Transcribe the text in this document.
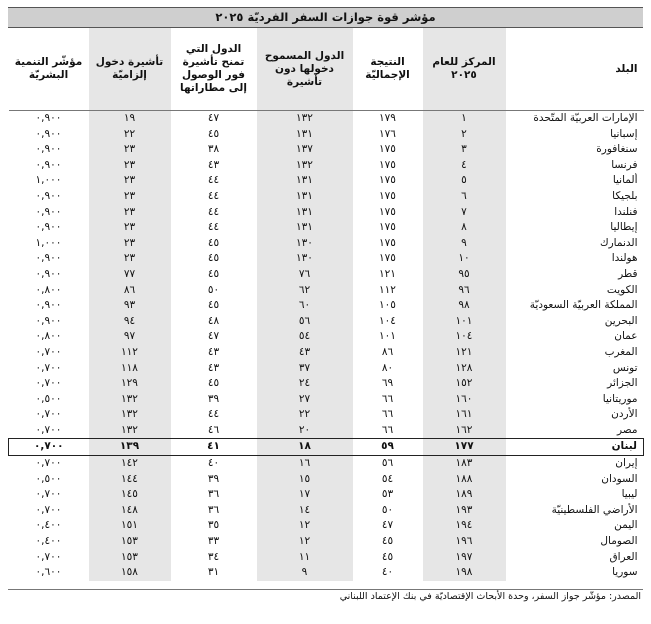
مؤشر قوة جوازات السفر الفرديّة ٢٠٢٥
البلد	المركز للعام ٢٠٢٥	النتيجة الإجماليّة	الدول المسموح دخولها دون تأشيرة	الدول التي تمنح تأشيرة فور الوصول إلى مطاراتها	تأشيرة دخول إلزاميّة	مؤشّر التنمية البشريّة
الإمارات العربيّة المتّحدة	١	١٧٩	١٣٢	٤٧	١٩	٠,٩٠٠
إسبانيا	٢	١٧٦	١٣١	٤٥	٢٢	٠,٩٠٠
سنغافورة	٣	١٧٥	١٣٧	٣٨	٢٣	٠,٩٠٠
فرنسا	٤	١٧٥	١٣٢	٤٣	٢٣	٠,٩٠٠
ألمانيا	٥	١٧٥	١٣١	٤٤	٢٣	١,٠٠٠
بلجيكا	٦	١٧٥	١٣١	٤٤	٢٣	٠,٩٠٠
فنلندا	٧	١٧٥	١٣١	٤٤	٢٣	٠,٩٠٠
إيطاليا	٨	١٧٥	١٣١	٤٤	٢٣	٠,٩٠٠
الدنمارك	٩	١٧٥	١٣٠	٤٥	٢٣	١,٠٠٠
هولندا	١٠	١٧٥	١٣٠	٤٥	٢٣	٠,٩٠٠
قطر	٩٥	١٢١	٧٦	٤٥	٧٧	٠,٩٠٠
الكويت	٩٦	١١٢	٦٢	٥٠	٨٦	٠,٨٠٠
المملكة العربيّة السعوديّة	٩٨	١٠٥	٦٠	٤٥	٩٣	٠,٩٠٠
البحرين	١٠١	١٠٤	٥٦	٤٨	٩٤	٠,٩٠٠
عمان	١٠٤	١٠١	٥٤	٤٧	٩٧	٠,٨٠٠
المغرب	١٢١	٨٦	٤٣	٤٣	١١٢	٠,٧٠٠
تونس	١٢٨	٨٠	٣٧	٤٣	١١٨	٠,٧٠٠
الجزائر	١٥٢	٦٩	٢٤	٤٥	١٢٩	٠,٧٠٠
موريتانيا	١٦٠	٦٦	٢٧	٣٩	١٣٢	٠,٥٠٠
الأردن	١٦١	٦٦	٢٢	٤٤	١٣٢	٠,٧٠٠
مصر	١٦٢	٦٦	٢٠	٤٦	١٣٢	٠,٧٠٠
لبنان	١٧٧	٥٩	١٨	٤١	١٣٩	٠,٧٠٠
إيران	١٨٣	٥٦	١٦	٤٠	١٤٢	٠,٧٠٠
السودان	١٨٨	٥٤	١٥	٣٩	١٤٤	٠,٥٠٠
ليبيا	١٨٩	٥٣	١٧	٣٦	١٤٥	٠,٧٠٠
الأراضي الفلسطينيّة	١٩٣	٥٠	١٤	٣٦	١٤٨	٠,٧٠٠
اليمن	١٩٤	٤٧	١٢	٣٥	١٥١	٠,٤٠٠
الصومال	١٩٦	٤٥	١٢	٣٣	١٥٣	٠,٤٠٠
العراق	١٩٧	٤٥	١١	٣٤	١٥٣	٠,٧٠٠
سوريا	١٩٨	٤٠	٩	٣١	١٥٨	٠,٦٠٠
المصدر: مؤشّر جواز السفر، وحدة الأبحاث الإقتصاديّة في بنك الإعتماد اللبناني
